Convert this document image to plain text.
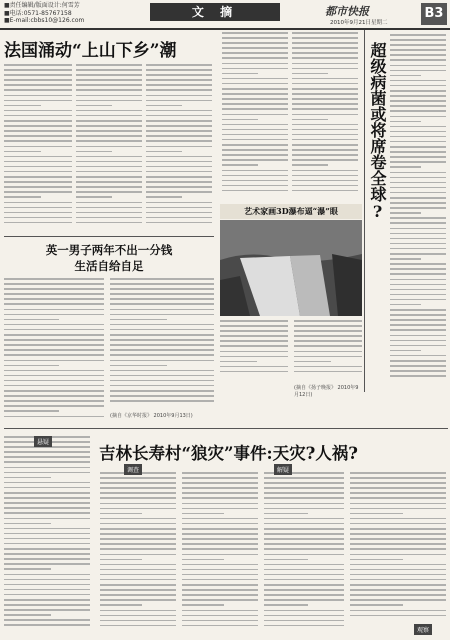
■责任编辑/版面设计:何雪芳
■电话:0571-85767158
■E-mail:cbbs10@126.com
文 摘	都市快报
2010年9月21日星期二
B3
法国涌动“上山下乡”潮
英一男子两年不出一分钱
生活自给自足
(摘自《京华时报》 2010年9月13日)
艺术家画3D瀑布逼“瀑”眼
(摘自《扬子晚报》 2010年9月12日)
超级病菌或将席卷全球?
吉林长寿村“狼灾”事件:天灾?人祸?
悬疑
调查	解疑
观察
